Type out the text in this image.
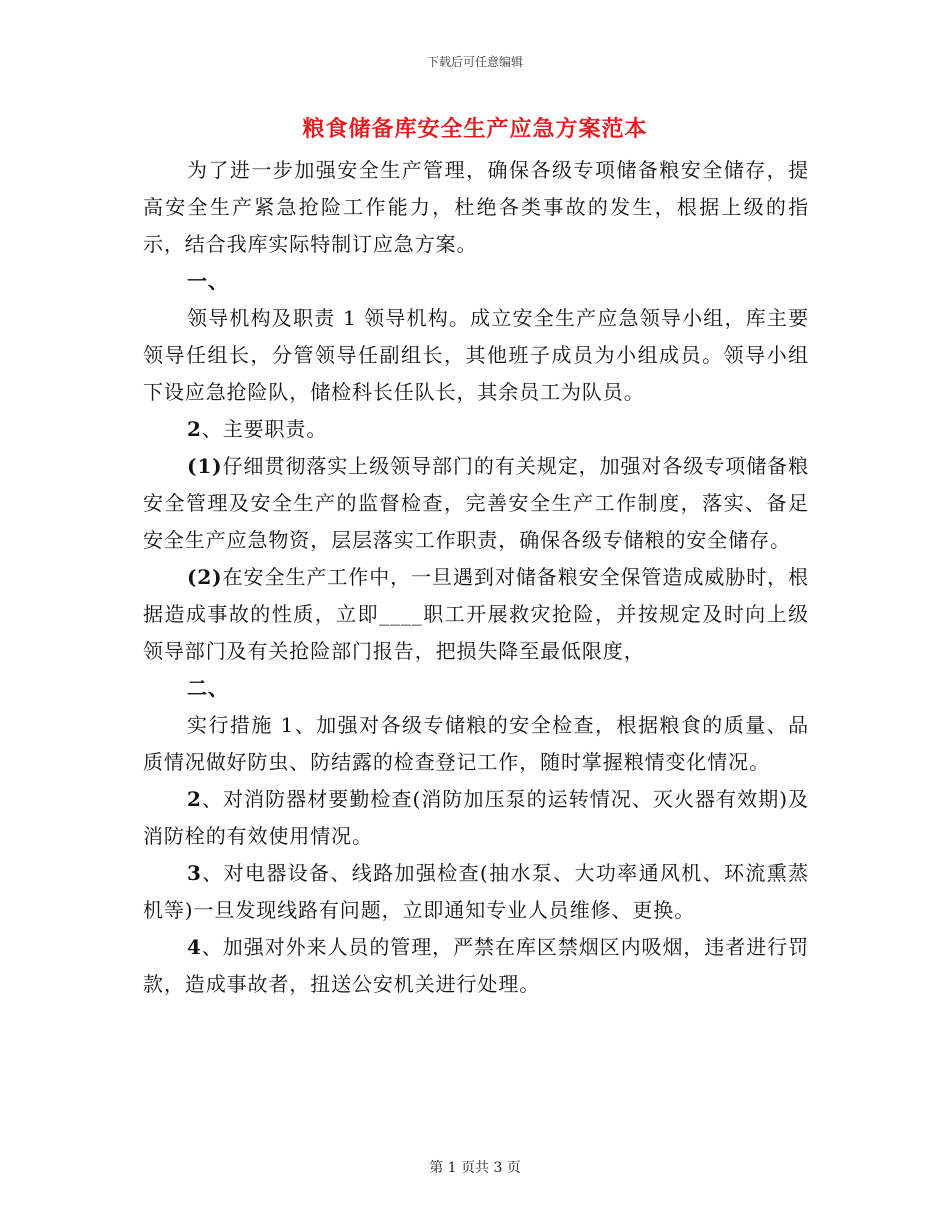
下载后可任意编辑
粮食储备库安全生产应急方案范本

为了进一步加强安全生产管理，确保各级专项储备粮安全储存，提高安全生产紧急抢险工作能力，杜绝各类事故的发生，根据上级的指示，结合我库实际特制订应急方案。

一、

领导机构及职责 1 领导机构。成立安全生产应急领导小组，库主要领导任组长，分管领导任副组长，其他班子成员为小组成员。领导小组下设应急抢险队，储检科长任队长，其余员工为队员。

2、主要职责。

(1)仔细贯彻落实上级领导部门的有关规定，加强对各级专项储备粮安全管理及安全生产的监督检查，完善安全生产工作制度，落实、备足安全生产应急物资，层层落实工作职责，确保各级专储粮的安全储存。

(2)在安全生产工作中，一旦遇到对储备粮安全保管造成威胁时，根据造成事故的性质，立即____职工开展救灾抢险，并按规定及时向上级领导部门及有关抢险部门报告，把损失降至最低限度，

二、

实行措施 1、加强对各级专储粮的安全检查，根据粮食的质量、品质情况做好防虫、防结露的检查登记工作，随时掌握粮情变化情况。

2、对消防器材要勤检查(消防加压泵的运转情况、灭火器有效期)及消防栓的有效使用情况。

3、对电器设备、线路加强检查(抽水泵、大功率通风机、环流熏蒸机等)一旦发现线路有问题，立即通知专业人员维修、更换。

4、加强对外来人员的管理，严禁在库区禁烟区内吸烟，违者进行罚款，造成事故者，扭送公安机关进行处理。

第 1 页共 3 页
